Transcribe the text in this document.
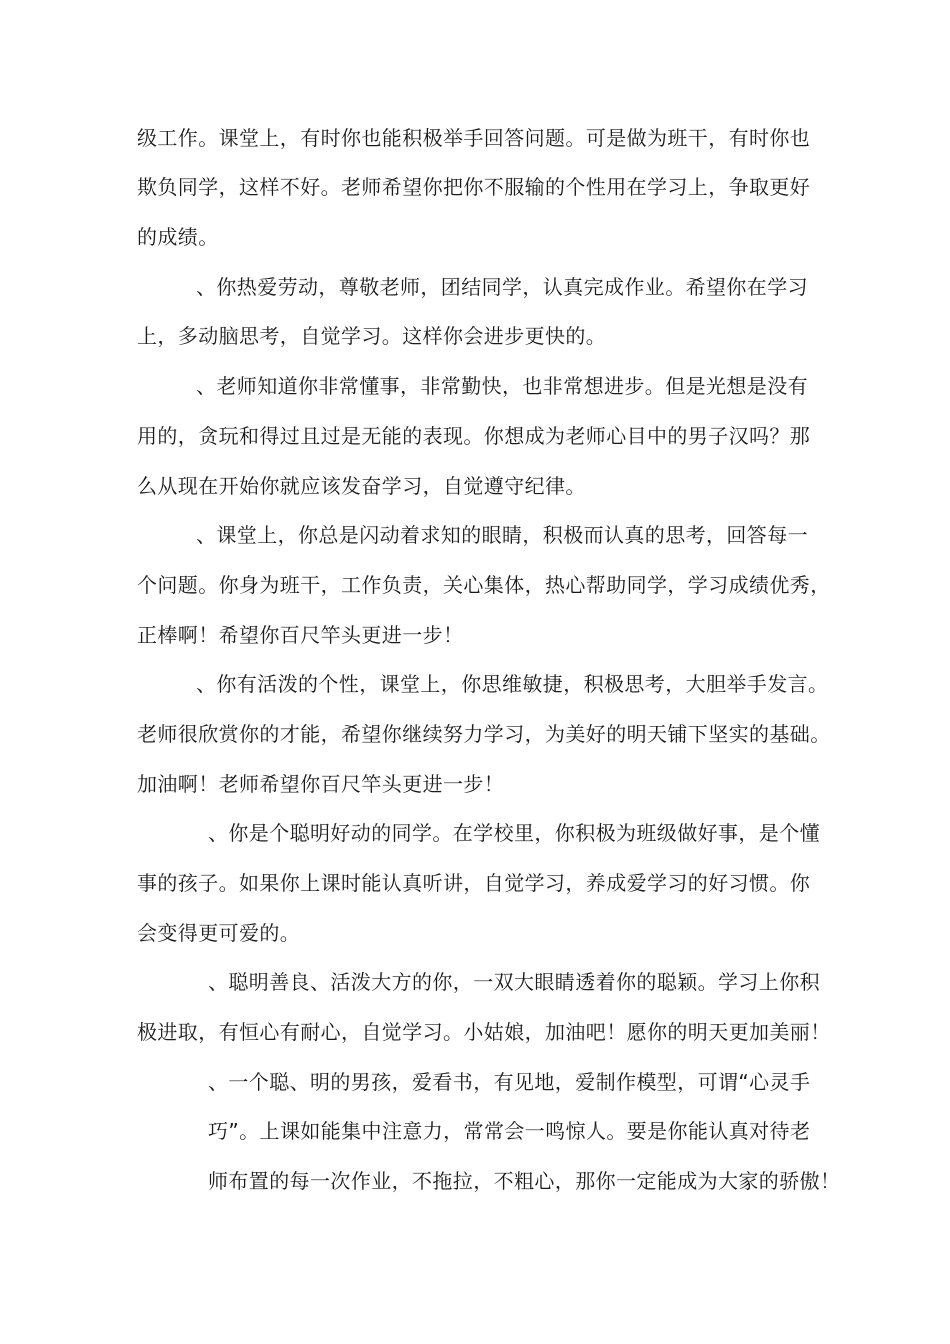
级工作。课堂上，有时你也能积极举手回答问题。可是做为班干，有时你也
欺负同学，这样不好。老师希望你把你不服输的个性用在学习上，争取更好
的成绩。
、你热爱劳动，尊敬老师，团结同学，认真完成作业。希望你在学习
上，多动脑思考，自觉学习。这样你会进步更快的。
、老师知道你非常懂事，非常勤快，也非常想进步。但是光想是没有
用的，贪玩和得过且过是无能的表现。你想成为老师心目中的男子汉吗？那
么从现在开始你就应该发奋学习，自觉遵守纪律。
、课堂上，你总是闪动着求知的眼睛，积极而认真的思考，回答每一
个问题。你身为班干，工作负责，关心集体，热心帮助同学，学习成绩优秀，
正棒啊！希望你百尺竿头更进一步！
、你有活泼的个性，课堂上，你思维敏捷，积极思考，大胆举手发言。
老师很欣赏你的才能，希望你继续努力学习，为美好的明天铺下坚实的基础。
加油啊！老师希望你百尺竿头更进一步！
、你是个聪明好动的同学。在学校里，你积极为班级做好事，是个懂
事的孩子。如果你上课时能认真听讲，自觉学习，养成爱学习的好习惯。你
会变得更可爱的。
、聪明善良、活泼大方的你，一双大眼睛透着你的聪颖。学习上你积
极进取，有恒心有耐心，自觉学习。小姑娘，加油吧！愿你的明天更加美丽！
、一个聪、明的男孩，爱看书，有见地，爱制作模型，可谓“心灵手
巧”。上课如能集中注意力，常常会一鸣惊人。要是你能认真对待老
师布置的每一次作业，不拖拉，不粗心，那你一定能成为大家的骄傲！
